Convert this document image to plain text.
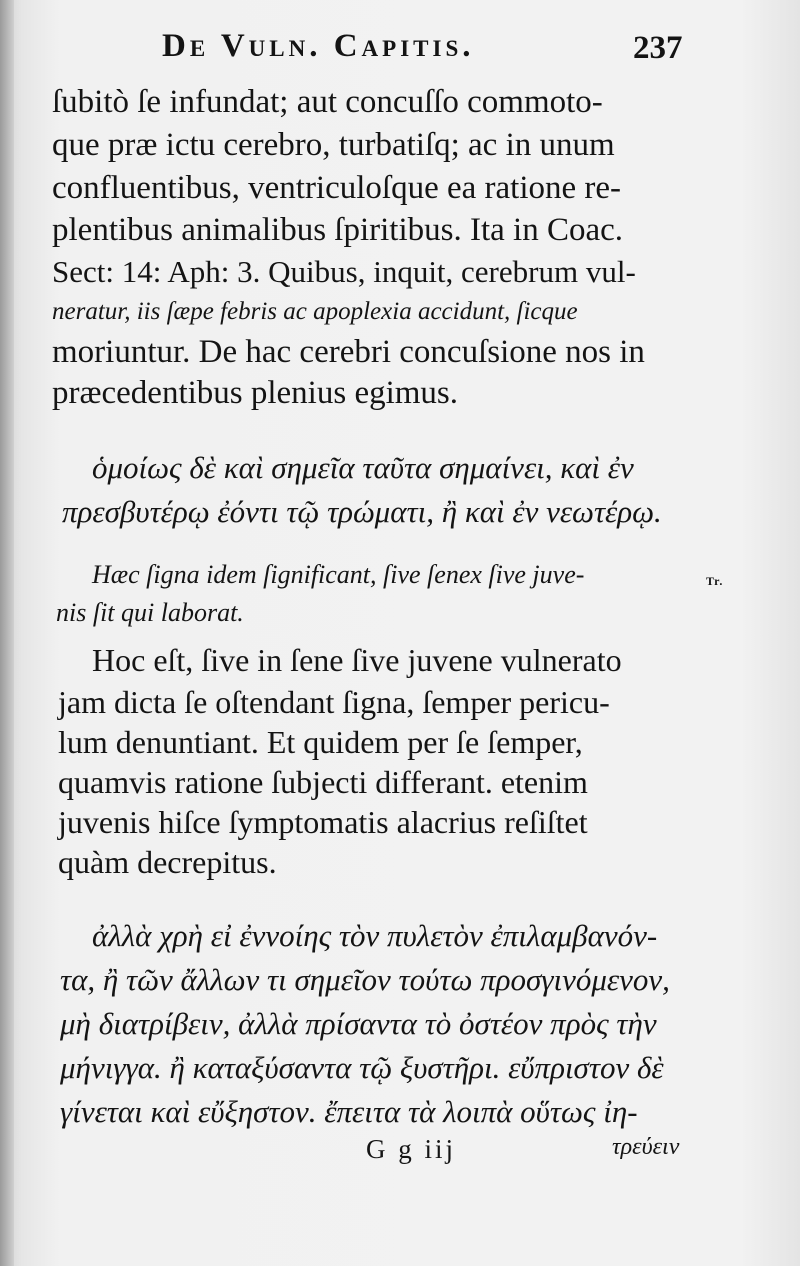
De Vuln. Capitis.	237

ſubitò ſe infundat; aut concuſſo commoto-

que præ ictu cerebro, turbatiſq; ac in unum

confluentibus, ventriculoſque ea ratione re-

plentibus animalibus ſpiritibus. Ita in Coac.

Sect: 14: Aph: 3. Quibus, inquit, cerebrum vul-

neratur, iis ſæpe febris ac apoplexia accidunt, ſicque

moriuntur. De hac cerebri concuſsione nos in

præcedentibus plenius egimus.

ὁμοίως δὲ καὶ σημεῖα ταῦτα σημαίνει, καὶ ἐν

πρεσβυτέρῳ ἐόντι τῷ τρώματι, ἢ καὶ ἐν νεωτέρῳ.

Hæc ſigna idem ſignificant, ſive ſenex ſive juve-

nis ſit qui laborat.

Tr.

Hoc eſt, ſive in ſene ſive juvene vulnerato

jam dicta ſe oſtendant ſigna, ſemper pericu-

lum denuntiant. Et quidem per ſe ſemper,

quamvis ratione ſubjecti differant. etenim

juvenis hiſce ſymptomatis alacrius reſiſtet

quàm decrepitus.

ἀλλὰ χρὴ εἰ ἐννοίης τὸν πυλετὸν ἐπιλαμβανόν-

τα, ἢ τῶν ἄλλων τι σημεῖον τούτω προσγινόμενον,

μὴ διατρίβειν, ἀλλὰ πρίσαντα τὸ ὀστέον πρὸς τὴν

μήνιγγα. ἢ καταξύσαντα τῷ ξυστῆρι. εὔπριστον δὲ

γίνεται καὶ εὔξηστον. ἔπειτα τὰ λοιπὰ οὕτως ἰη-

G g iij	τρεύειν
